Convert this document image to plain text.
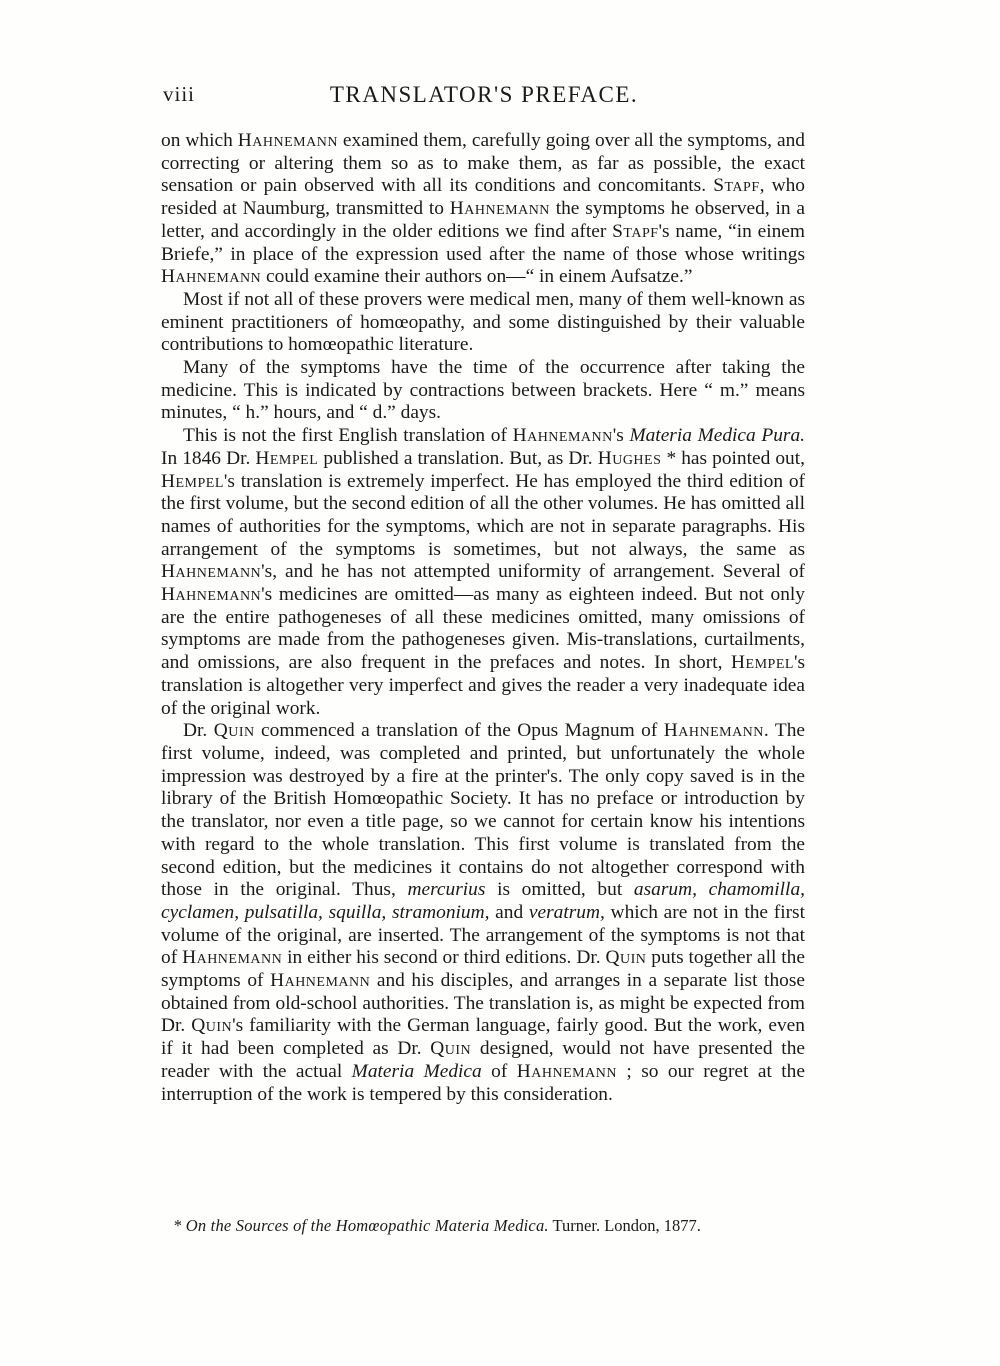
viii	TRANSLATOR'S PREFACE.

on which Hahnemann examined them, carefully going over all the symptoms, and correcting or altering them so as to make them, as far as possible, the exact sensation or pain observed with all its conditions and concomitants. Stapf, who resided at Naumburg, transmitted to Hahnemann the symptoms he observed, in a letter, and accordingly in the older editions we find after Stapf's name, “in einem Briefe,” in place of the expression used after the name of those whose writings Hahnemann could examine their authors on—“ in einem Aufsatze.”

Most if not all of these provers were medical men, many of them well-known as eminent practitioners of homœopathy, and some distinguished by their valuable contributions to homœopathic literature.

Many of the symptoms have the time of the occurrence after taking the medicine. This is indicated by contractions between brackets. Here “ m.” means minutes, “ h.” hours, and “ d.” days.

This is not the first English translation of Hahnemann's Materia Medica Pura. In 1846 Dr. Hempel published a translation. But, as Dr. Hughes * has pointed out, Hempel's translation is extremely imperfect. He has employed the third edition of the first volume, but the second edition of all the other volumes. He has omitted all names of authorities for the symptoms, which are not in separate paragraphs. His arrangement of the symptoms is sometimes, but not always, the same as Hahnemann's, and he has not attempted uniformity of arrangement. Several of Hahnemann's medicines are omitted—as many as eighteen indeed. But not only are the entire pathogeneses of all these medicines omitted, many omissions of symptoms are made from the pathogeneses given. Mis-translations, curtailments, and omissions, are also frequent in the prefaces and notes. In short, Hempel's translation is altogether very imperfect and gives the reader a very inadequate idea of the original work.

Dr. Quin commenced a translation of the Opus Magnum of Hahnemann. The first volume, indeed, was completed and printed, but unfortunately the whole impression was destroyed by a fire at the printer's. The only copy saved is in the library of the British Homœopathic Society. It has no preface or introduction by the translator, nor even a title page, so we cannot for certain know his intentions with regard to the whole translation. This first volume is translated from the second edition, but the medicines it contains do not altogether correspond with those in the original. Thus, mercurius is omitted, but asarum, chamomilla, cyclamen, pulsatilla, squilla, stramonium, and veratrum, which are not in the first volume of the original, are inserted. The arrangement of the symptoms is not that of Hahnemann in either his second or third editions. Dr. Quin puts together all the symptoms of Hahnemann and his disciples, and arranges in a separate list those obtained from old-school authorities. The translation is, as might be expected from Dr. Quin's familiarity with the German language, fairly good. But the work, even if it had been completed as Dr. Quin designed, would not have presented the reader with the actual Materia Medica of Hahnemann ; so our regret at the interruption of the work is tempered by this consideration.

* On the Sources of the Homœopathic Materia Medica. Turner. London, 1877.
